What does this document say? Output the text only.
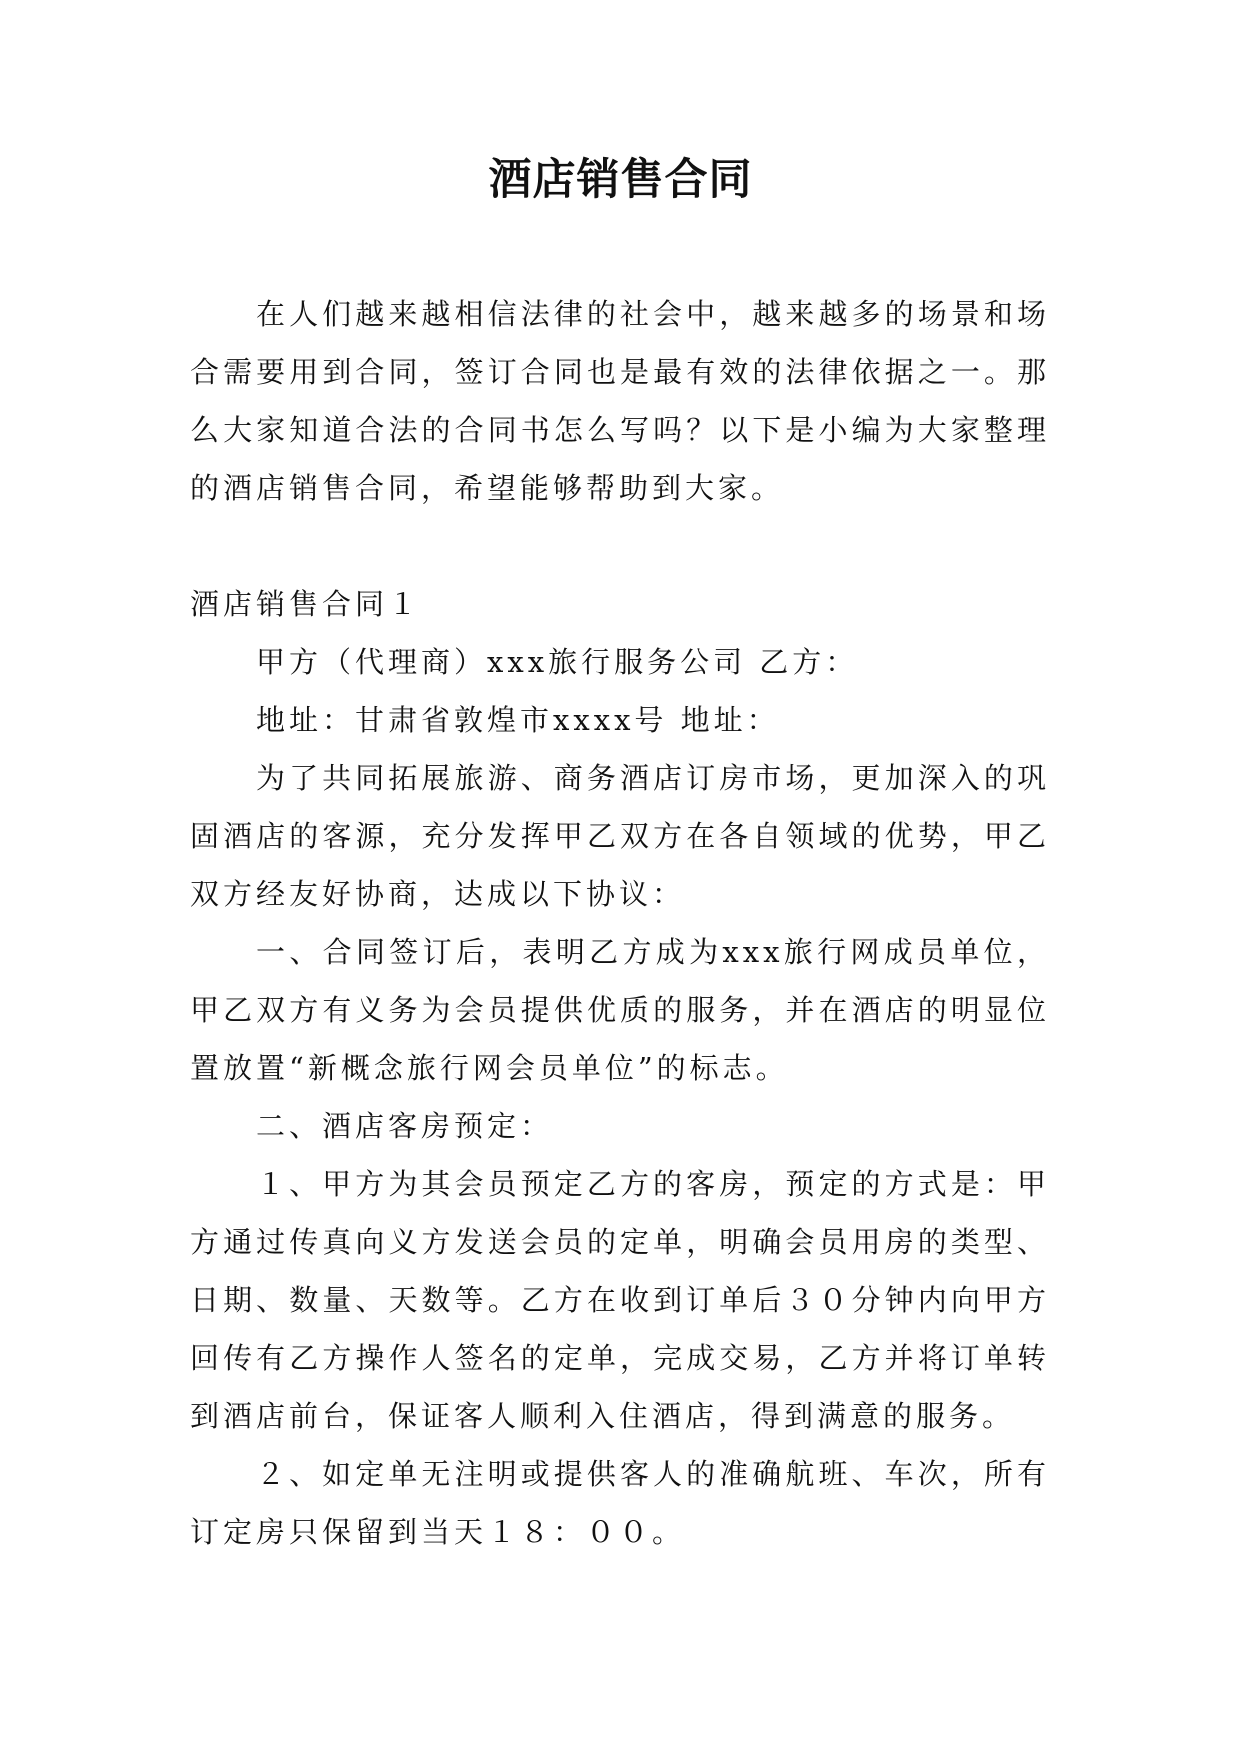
酒店销售合同

在人们越来越相信法律的社会中，越来越多的场景和场合需要用到合同，签订合同也是最有效的法律依据之一。那么大家知道合法的合同书怎么写吗？以下是小编为大家整理的酒店销售合同，希望能够帮助到大家。

酒店销售合同１

甲方（代理商）xxx旅行服务公司 乙方：

地址：甘肃省敦煌市xxxx号 地址：

为了共同拓展旅游、商务酒店订房市场，更加深入的巩固酒店的客源，充分发挥甲乙双方在各自领域的优势，甲乙双方经友好协商，达成以下协议：

一、合同签订后，表明乙方成为xxx旅行网成员单位，甲乙双方有义务为会员提供优质的服务，并在酒店的明显位置放置“新概念旅行网会员单位”的标志。

二、酒店客房预定：

１、甲方为其会员预定乙方的客房，预定的方式是：甲方通过传真向义方发送会员的定单，明确会员用房的类型、日期、数量、天数等。乙方在收到订单后３０分钟内向甲方回传有乙方操作人签名的定单，完成交易，乙方并将订单转到酒店前台，保证客人顺利入住酒店，得到满意的服务。

２、如定单无注明或提供客人的准确航班、车次，所有订定房只保留到当天１８：００。
